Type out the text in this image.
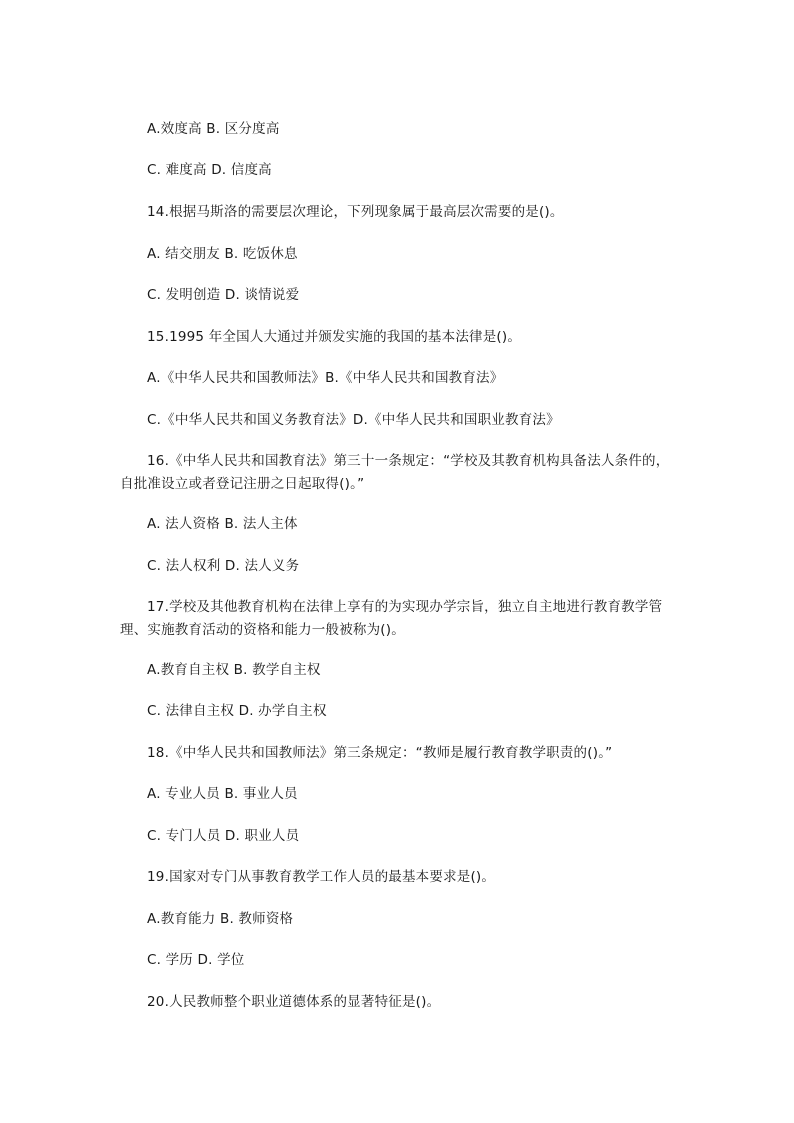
A.效度高 B. 区分度高
C. 难度高 D. 信度高
14.根据马斯洛的需要层次理论，下列现象属于最高层次需要的是()。
A. 结交朋友 B. 吃饭休息
C. 发明创造 D. 谈情说爱
15.1995 年全国人大通过并颁发实施的我国的基本法律是()。
A.《中华人民共和国教师法》B.《中华人民共和国教育法》
C.《中华人民共和国义务教育法》D.《中华人民共和国职业教育法》
16.《中华人民共和国教育法》第三十一条规定：“学校及其教育机构具备法人条件的，自批准设立或者登记注册之日起取得()。”
A. 法人资格 B. 法人主体
C. 法人权利 D. 法人义务
17.学校及其他教育机构在法律上享有的为实现办学宗旨，独立自主地进行教育教学管理、实施教育活动的资格和能力一般被称为()。
A.教育自主权 B. 教学自主权
C. 法律自主权 D. 办学自主权
18.《中华人民共和国教师法》第三条规定：“教师是履行教育教学职责的()。”
A. 专业人员 B. 事业人员
C. 专门人员 D. 职业人员
19.国家对专门从事教育教学工作人员的最基本要求是()。
A.教育能力 B. 教师资格
C. 学历 D. 学位
20.人民教师整个职业道德体系的显著特征是()。
